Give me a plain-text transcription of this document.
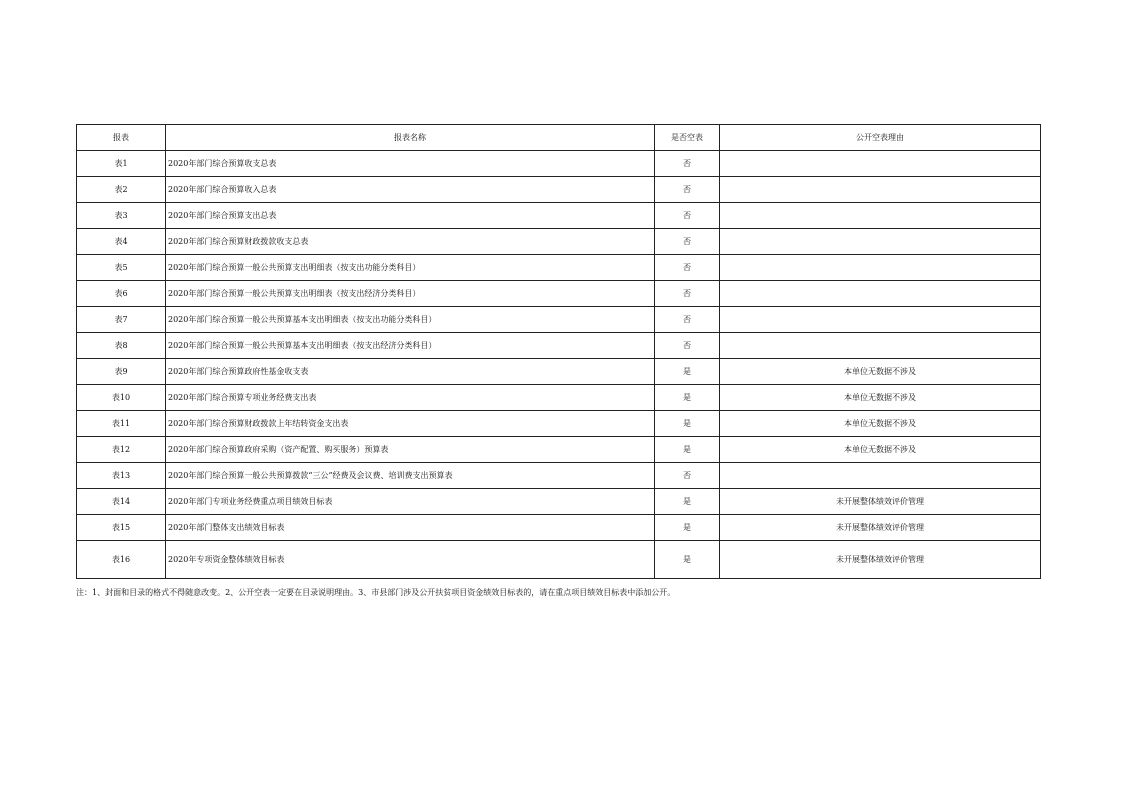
报表	报表名称	是否空表	公开空表理由
表1	2020年部门综合预算收支总表	否	
表2	2020年部门综合预算收入总表	否	
表3	2020年部门综合预算支出总表	否	
表4	2020年部门综合预算财政拨款收支总表	否	
表5	2020年部门综合预算一般公共预算支出明细表（按支出功能分类科目）	否	
表6	2020年部门综合预算一般公共预算支出明细表（按支出经济分类科目）	否	
表7	2020年部门综合预算一般公共预算基本支出明细表（按支出功能分类科目）	否	
表8	2020年部门综合预算一般公共预算基本支出明细表（按支出经济分类科目）	否	
表9	2020年部门综合预算政府性基金收支表	是	本单位无数据不涉及
表10	2020年部门综合预算专项业务经费支出表	是	本单位无数据不涉及
表11	2020年部门综合预算财政拨款上年结转资金支出表	是	本单位无数据不涉及
表12	2020年部门综合预算政府采购（资产配置、购买服务）预算表	是	本单位无数据不涉及
表13	2020年部门综合预算一般公共预算拨款“三公”经费及会议费、培训费支出预算表	否	
表14	2020年部门专项业务经费重点项目绩效目标表	是	未开展整体绩效评价管理
表15	2020年部门整体支出绩效目标表	是	未开展整体绩效评价管理
表16	2020年专项资金整体绩效目标表	是	未开展整体绩效评价管理
注：1、封面和目录的格式不得随意改变。2、公开空表一定要在目录说明理由。3、市县部门涉及公开扶贫项目资金绩效目标表的，请在重点项目绩效目标表中添加公开。
